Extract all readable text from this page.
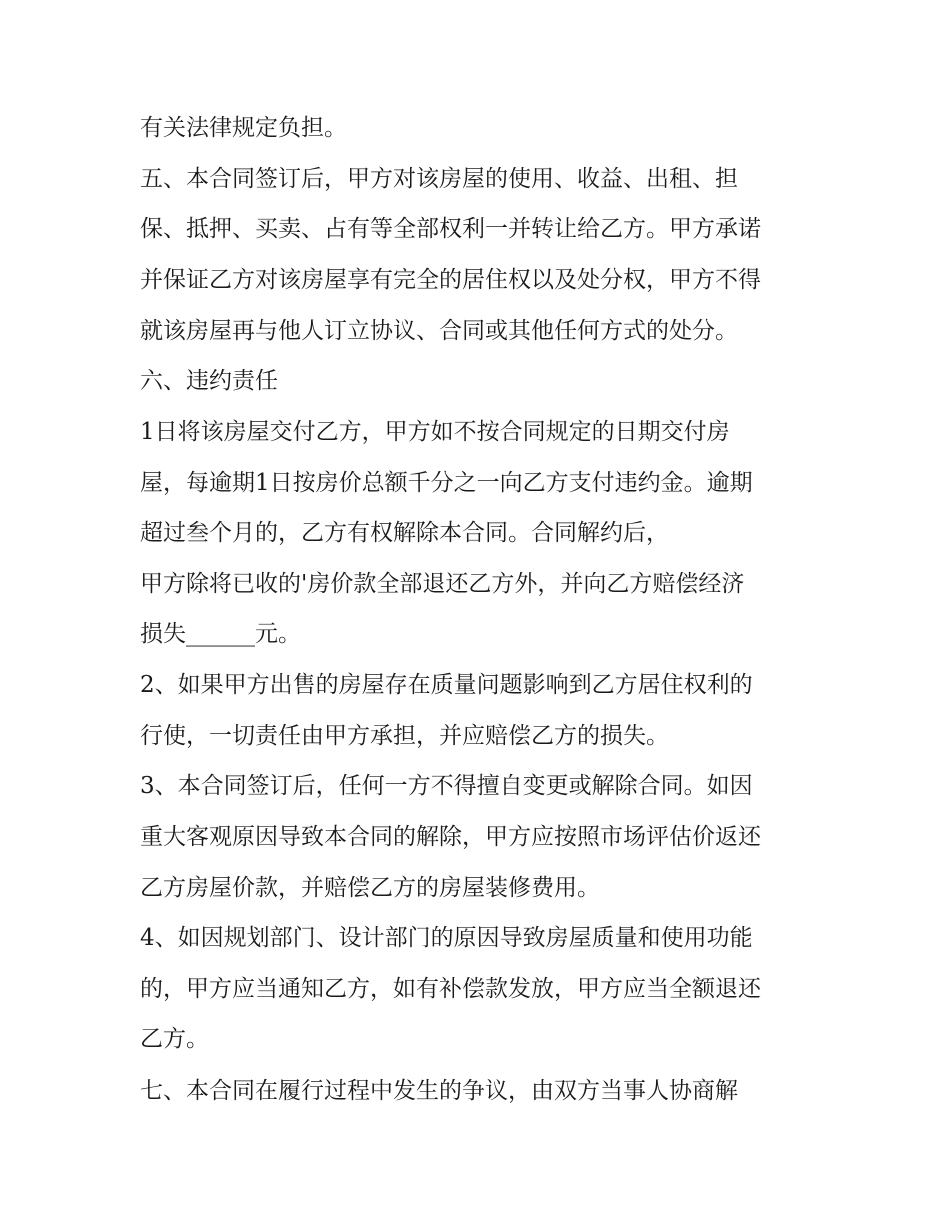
有关法律规定负担。
五、本合同签订后，甲方对该房屋的使用、收益、出租、担
保、抵押、买卖、占有等全部权利一并转让给乙方。甲方承诺
并保证乙方对该房屋享有完全的居住权以及处分权，甲方不得
就该房屋再与他人订立协议、合同或其他任何方式的处分。
六、违约责任
1日将该房屋交付乙方，甲方如不按合同规定的日期交付房
屋，每逾期1日按房价总额千分之一向乙方支付违约金。逾期
超过叁个月的，乙方有权解除本合同。合同解约后，
甲方除将已收的'房价款全部退还乙方外，并向乙方赔偿经济
损失______元。
2、如果甲方出售的房屋存在质量问题影响到乙方居住权利的
行使，一切责任由甲方承担，并应赔偿乙方的损失。
3、本合同签订后，任何一方不得擅自变更或解除合同。如因
重大客观原因导致本合同的解除，甲方应按照市场评估价返还
乙方房屋价款，并赔偿乙方的房屋装修费用。
4、如因规划部门、设计部门的原因导致房屋质量和使用功能
的，甲方应当通知乙方，如有补偿款发放，甲方应当全额退还
乙方。
七、本合同在履行过程中发生的争议，由双方当事人协商解
